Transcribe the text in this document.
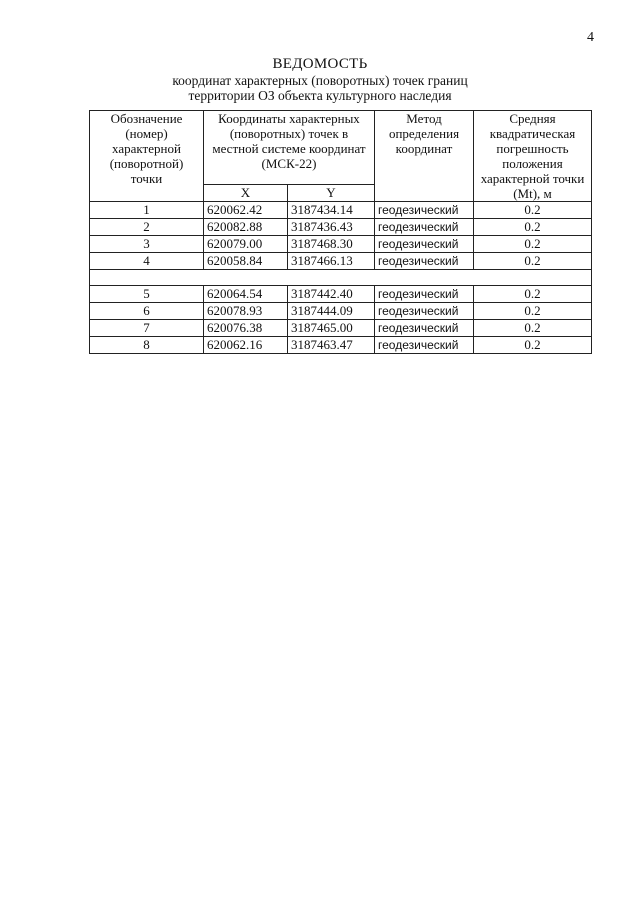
4
ВЕДОМОСТЬ
координат характерных (поворотных) точек границ
территории ОЗ объекта культурного наследия
Обозначение (номер) характерной (поворотной) точки	Координаты характерных (поворотных) точек в местной системе координат (МСК-22)		Метод определения координат	Средняя квадратическая погрешность положения характерной точки (Mt), м
	X	Y		
1	620062.42	3187434.14	геодезический	0.2
2	620082.88	3187436.43	геодезический	0.2
3	620079.00	3187468.30	геодезический	0.2
4	620058.84	3187466.13	геодезический	0.2

5	620064.54	3187442.40	геодезический	0.2
6	620078.93	3187444.09	геодезический	0.2
7	620076.38	3187465.00	геодезический	0.2
8	620062.16	3187463.47	геодезический	0.2
